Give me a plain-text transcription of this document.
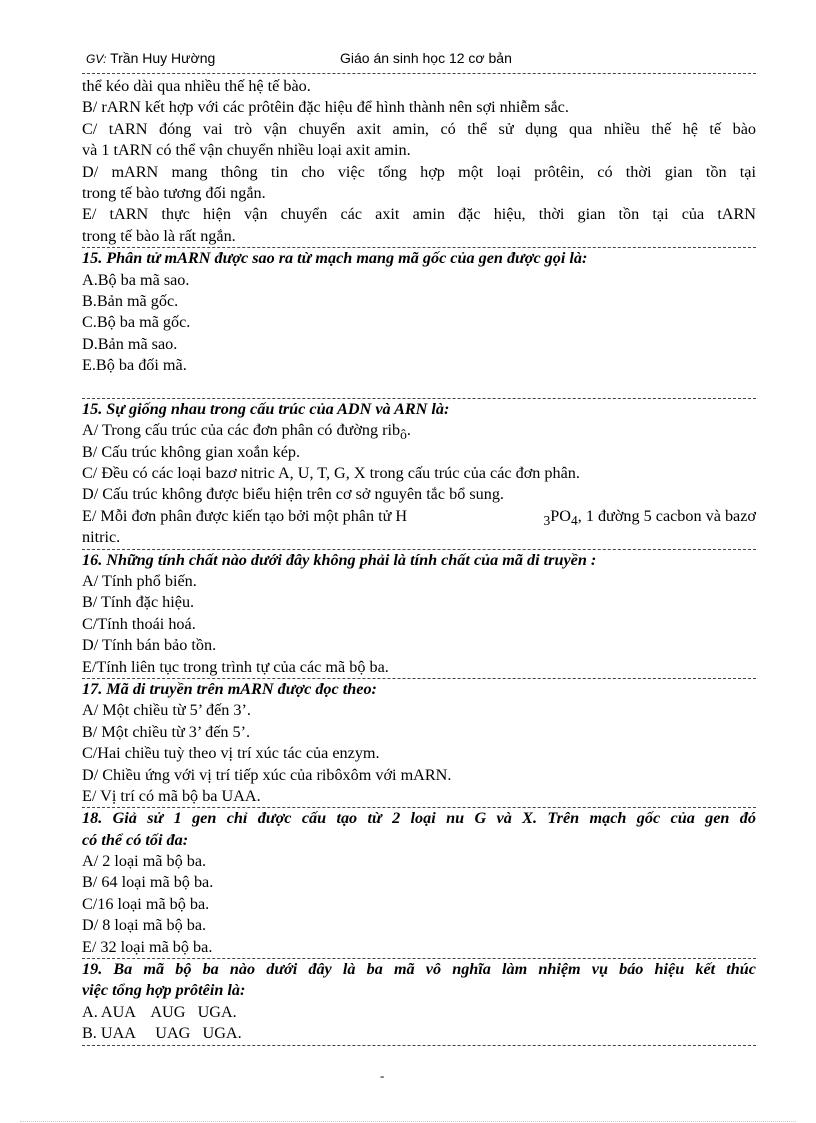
GV: Trần Huy Hường	Giáo án sinh học 12 cơ bản
thể kéo dài qua nhiều thế hệ tế bào.
B/ rARN kết hợp với các prôtêin đặc hiệu để hình thành nên sợi nhiễm sắc.
C/ tARN đóng vai trò vận chuyển axit amin, có thể sử dụng qua nhiều thế hệ tế bào
và 1 tARN có thể vận chuyển nhiều loại axit amin.
D/ mARN mang thông tin cho việc tổng hợp một loại prôtêin, có thời gian tồn tại
trong tế bào tương đối ngắn.
E/ tARN thực hiện vận chuyển các axit amin đặc hiệu, thời gian tồn tại của tARN
trong tế bào là rất ngắn.
15. Phân tử mARN được sao ra từ mạch mang mã gốc của gen được gọi là:
A.Bộ ba mã sao.
B.Bản mã gốc.
C.Bộ ba mã gốc.
D.Bản mã sao.
E.Bộ ba đối mã.
15. Sự giống nhau trong cấu trúc của ADN và ARN là:
A/ Trong cấu trúc của các đơn phân có đường rib$_ô$.
B/ Cấu trúc không gian xoắn kép.
C/ Đều có các loại bazơ nitric A, U, T, G, X trong cấu trúc của các đơn phân.
D/ Cấu trúc không được biểu hiện trên cơ sở nguyên tắc bổ sung.
E/ Mỗi đơn phân được kiến tạo bởi một phân tử H	$_3PO_4$, 1 đường 5 cacbon và bazơ
nitric.
16. Những tính chất nào dưới đây không phải là tính chất của mã di truyền :
A/ Tính phổ biến.
B/ Tính đặc hiệu.
C/Tính thoái hoá.
D/ Tính bán bảo tồn.
E/Tính liên tục trong trình tự của các mã bộ ba.
17. Mã di truyền trên mARN được đọc theo:
A/ Một chiều từ 5’ đến 3’.
B/ Một chiều từ 3’ đến 5’.
C/Hai chiều tuỳ theo vị trí xúc tác của enzym.
D/ Chiều ứng với vị trí tiếp xúc của ribôxôm với mARN.
E/ Vị trí có mã bộ ba UAA.
18. Giả sử 1 gen chỉ được cấu tạo từ 2 loại nu G và X. Trên mạch gốc của gen đó
có thể có tối đa:
A/ 2 loại mã bộ ba.
B/ 64 loại mã bộ ba.
C/16 loại mã bộ ba.
D/ 8 loại mã bộ ba.
E/ 32 loại mã bộ ba.
19. Ba mã bộ ba nào dưới đây là ba mã vô nghĩa làm nhiệm vụ báo hiệu kết thúc
việc tổng hợp prôtêin là:
A. AUA    AUG   UGA.
B. UAA     UAG   UGA.
-
